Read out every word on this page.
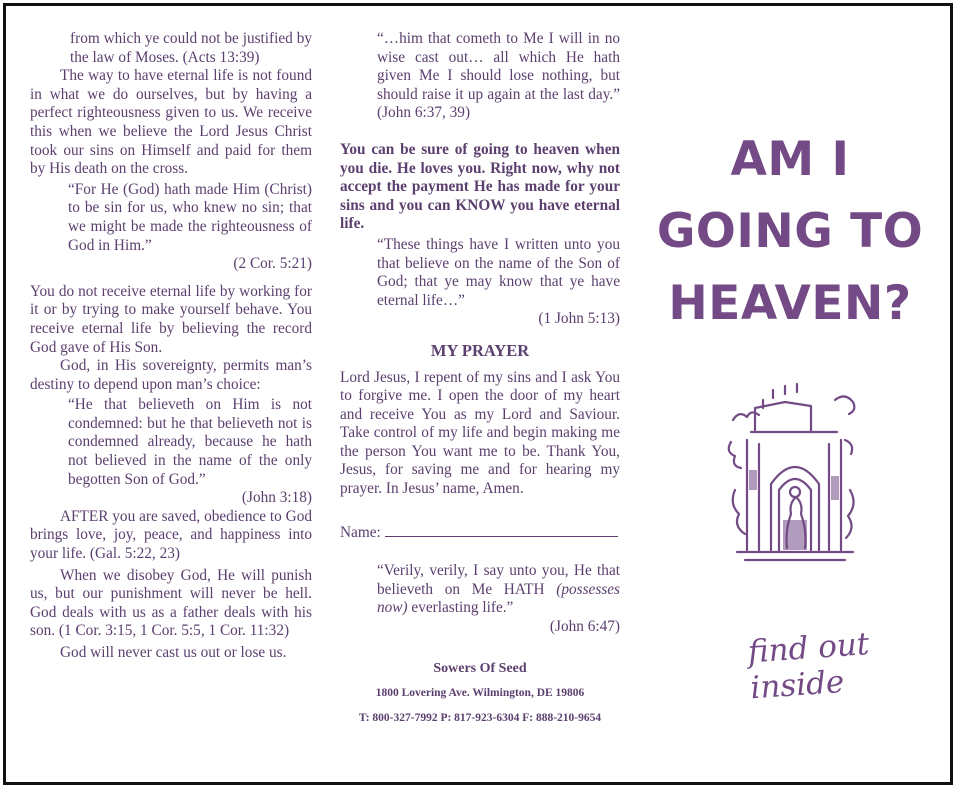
from which ye could not be justified by the law of Moses. (Acts 13:39)

The way to have eternal life is not found in what we do ourselves, but by having a perfect righteousness given to us. We receive this when we believe the Lord Jesus Christ took our sins on Himself and paid for them by His death on the cross.

“For He (God) hath made Him (Christ) to be sin for us, who knew no sin; that we might be made the righteousness of God in Him.”

(2 Cor. 5:21)

You do not receive eternal life by working for it or by trying to make yourself behave. You receive eternal life by believing the record God gave of His Son.

God, in His sovereignty, permits man’s destiny to depend upon man’s choice:

“He that believeth on Him is not condemned: but he that believeth not is condemned already, because he hath not believed in the name of the only begotten Son of God.”

(John 3:18)

AFTER you are saved, obedience to God brings love, joy, peace, and happiness into your life. (Gal. 5:22, 23)

When we disobey God, He will punish us, but our punishment will never be hell. God deals with us as a father deals with his son. (1 Cor. 3:15, 1 Cor. 5:5, 1 Cor. 11:32)

God will never cast us out or lose us.

“…him that cometh to Me I will in no wise cast out… all which He hath given Me I should lose nothing, but should raise it up again at the last day.” (John 6:37, 39)

You can be sure of going to heaven when you die. He loves you. Right now, why not accept the payment He has made for your sins and you can KNOW you have eternal life.

“These things have I written unto you that believe on the name of the Son of God; that ye may know that ye have eternal life…”

(1 John 5:13)

MY PRAYER

Lord Jesus, I repent of my sins and I ask You to forgive me. I open the door of my heart and receive You as my Lord and Saviour. Take control of my life and begin making me the person You want me to be. Thank You, Jesus, for saving me and for hearing my prayer. In Jesus’ name, Amen.

Name:

“Verily, verily, I say unto you, He that believeth on Me HATH (possesses now) everlasting life.”

(John 6:47)

Sowers Of Seed

1800 Lovering Ave. Wilmington, DE 19806

T: 800-327-7992 P: 817-923-6304 F: 888-210-9654

AM I
GOING TO
HEAVEN?
find out inside
